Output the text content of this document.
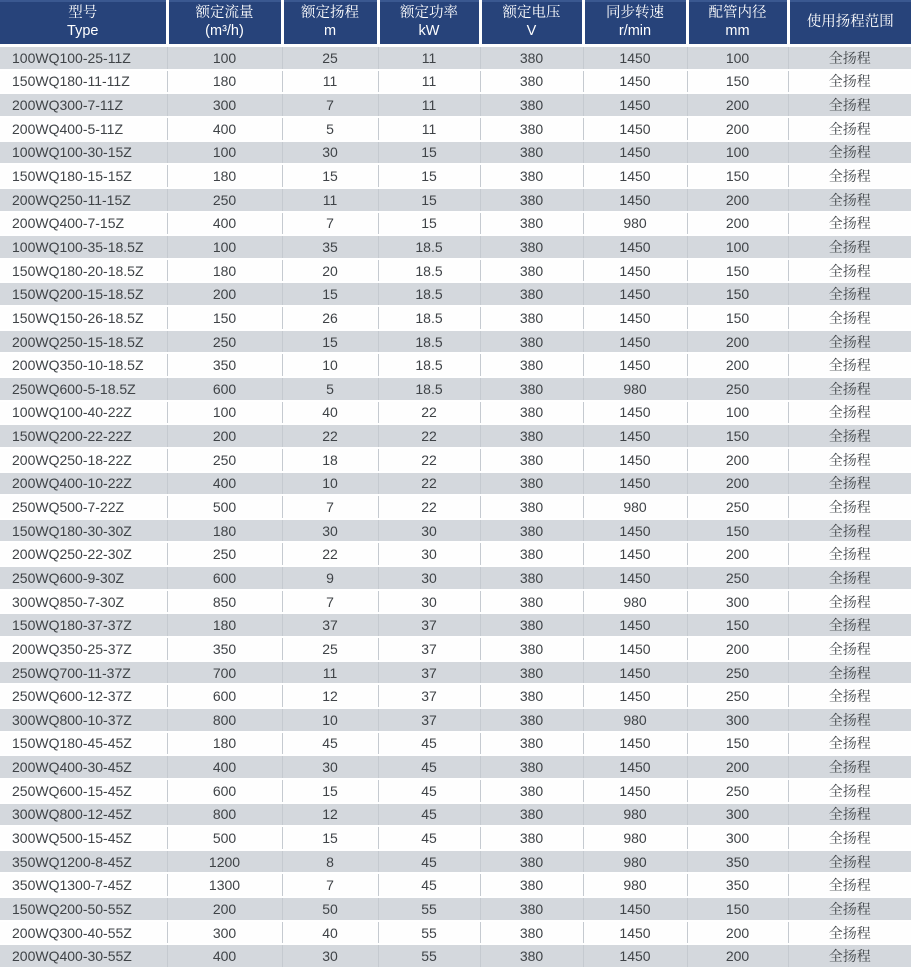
型号
Type

额定流量
(m³/h)

额定扬程
m

额定功率
kW

额定电压
V

同步转速
r/min

配管内径
mm

使用扬程范围

100WQ100-25-11Z	100	25	11	380	1450	100	全扬程
150WQ180-11-11Z	180	11	11	380	1450	150	全扬程
200WQ300-7-11Z	300	7	11	380	1450	200	全扬程
200WQ400-5-11Z	400	5	11	380	1450	200	全扬程
100WQ100-30-15Z	100	30	15	380	1450	100	全扬程
150WQ180-15-15Z	180	15	15	380	1450	150	全扬程
200WQ250-11-15Z	250	11	15	380	1450	200	全扬程
200WQ400-7-15Z	400	7	15	380	980	200	全扬程
100WQ100-35-18.5Z	100	35	18.5	380	1450	100	全扬程
150WQ180-20-18.5Z	180	20	18.5	380	1450	150	全扬程
150WQ200-15-18.5Z	200	15	18.5	380	1450	150	全扬程
150WQ150-26-18.5Z	150	26	18.5	380	1450	150	全扬程
200WQ250-15-18.5Z	250	15	18.5	380	1450	200	全扬程
200WQ350-10-18.5Z	350	10	18.5	380	1450	200	全扬程
250WQ600-5-18.5Z	600	5	18.5	380	980	250	全扬程
100WQ100-40-22Z	100	40	22	380	1450	100	全扬程
150WQ200-22-22Z	200	22	22	380	1450	150	全扬程
200WQ250-18-22Z	250	18	22	380	1450	200	全扬程
200WQ400-10-22Z	400	10	22	380	1450	200	全扬程
250WQ500-7-22Z	500	7	22	380	980	250	全扬程
150WQ180-30-30Z	180	30	30	380	1450	150	全扬程
200WQ250-22-30Z	250	22	30	380	1450	200	全扬程
250WQ600-9-30Z	600	9	30	380	1450	250	全扬程
300WQ850-7-30Z	850	7	30	380	980	300	全扬程
150WQ180-37-37Z	180	37	37	380	1450	150	全扬程
200WQ350-25-37Z	350	25	37	380	1450	200	全扬程
250WQ700-11-37Z	700	11	37	380	1450	250	全扬程
250WQ600-12-37Z	600	12	37	380	1450	250	全扬程
300WQ800-10-37Z	800	10	37	380	980	300	全扬程
150WQ180-45-45Z	180	45	45	380	1450	150	全扬程
200WQ400-30-45Z	400	30	45	380	1450	200	全扬程
250WQ600-15-45Z	600	15	45	380	1450	250	全扬程
300WQ800-12-45Z	800	12	45	380	980	300	全扬程
300WQ500-15-45Z	500	15	45	380	980	300	全扬程
350WQ1200-8-45Z	1200	8	45	380	980	350	全扬程
350WQ1300-7-45Z	1300	7	45	380	980	350	全扬程
150WQ200-50-55Z	200	50	55	380	1450	150	全扬程
200WQ300-40-55Z	300	40	55	380	1450	200	全扬程
200WQ400-30-55Z	400	30	55	380	1450	200	全扬程
